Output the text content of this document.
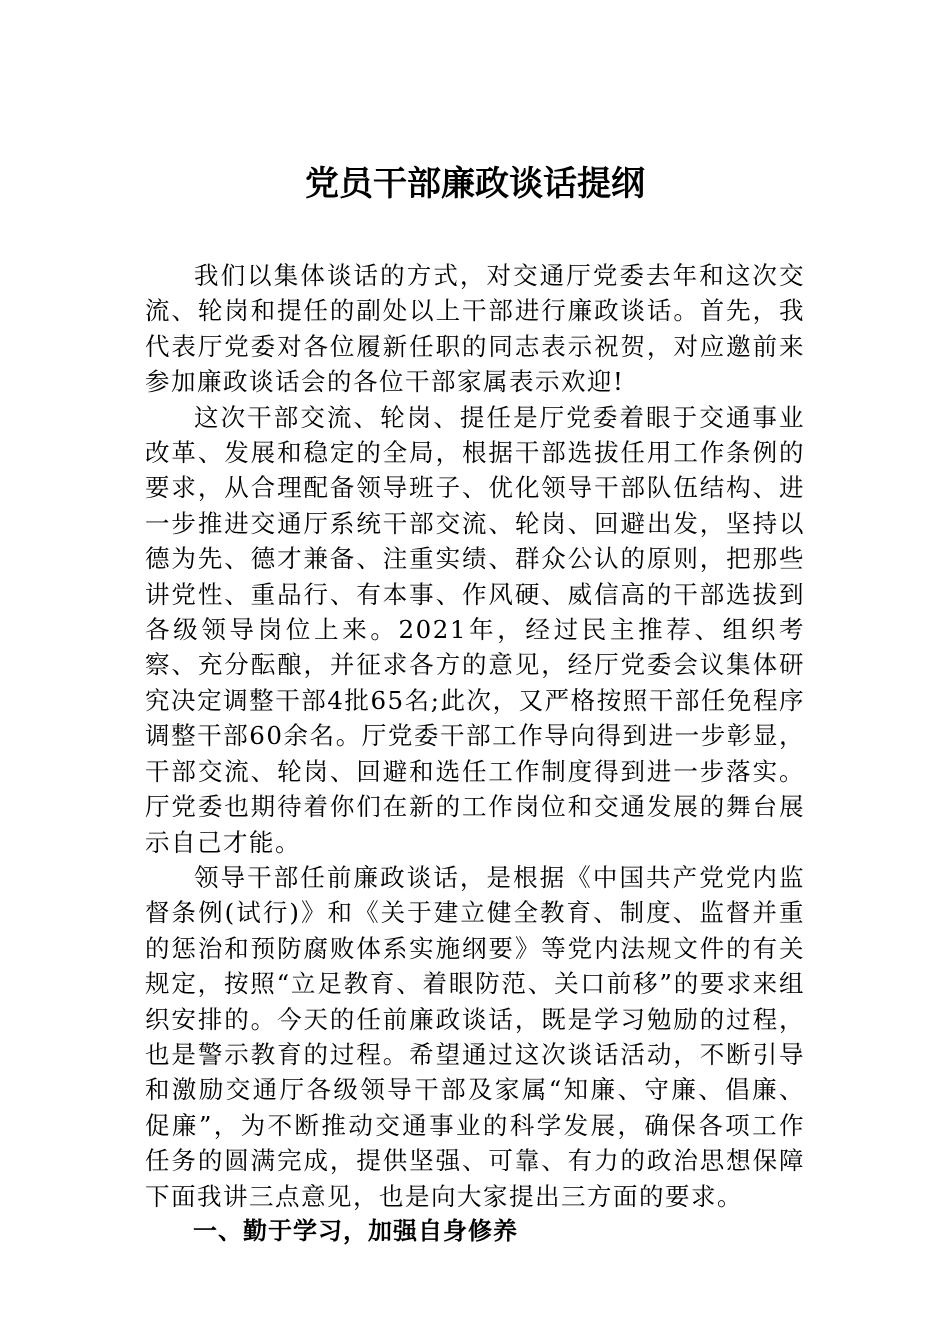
党员干部廉政谈话提纲

我们以集体谈话的方式，对交通厅党委去年和这次交流、轮岗和提任的副处以上干部进行廉政谈话。首先，我代表厅党委对各位履新任职的同志表示祝贺，对应邀前来参加廉政谈话会的各位干部家属表示欢迎!

这次干部交流、轮岗、提任是厅党委着眼于交通事业改革、发展和稳定的全局，根据干部选拔任用工作条例的要求，从合理配备领导班子、优化领导干部队伍结构、进一步推进交通厅系统干部交流、轮岗、回避出发，坚持以德为先、德才兼备、注重实绩、群众公认的原则，把那些讲党性、重品行、有本事、作风硬、威信高的干部选拔到各级领导岗位上来。2021年，经过民主推荐、组织考察、充分酝酿，并征求各方的意见，经厅党委会议集体研究决定调整干部4批65名;此次，又严格按照干部任免程序调整干部60余名。厅党委干部工作导向得到进一步彰显，干部交流、轮岗、回避和选任工作制度得到进一步落实。厅党委也期待着你们在新的工作岗位和交通发展的舞台展示自己才能。

领导干部任前廉政谈话，是根据《中国共产党党内监督条例(试行)》和《关于建立健全教育、制度、监督并重的惩治和预防腐败体系实施纲要》等党内法规文件的有关规定，按照“立足教育、着眼防范、关口前移”的要求来组织安排的。今天的任前廉政谈话，既是学习勉励的过程，也是警示教育的过程。希望通过这次谈话活动，不断引导和激励交通厅各级领导干部及家属“知廉、守廉、倡廉、促廉”，为不断推动交通事业的科学发展，确保各项工作任务的圆满完成，提供坚强、可靠、有力的政治思想保障下面我讲三点意见，也是向大家提出三方面的要求。

一、勤于学习，加强自身修养
